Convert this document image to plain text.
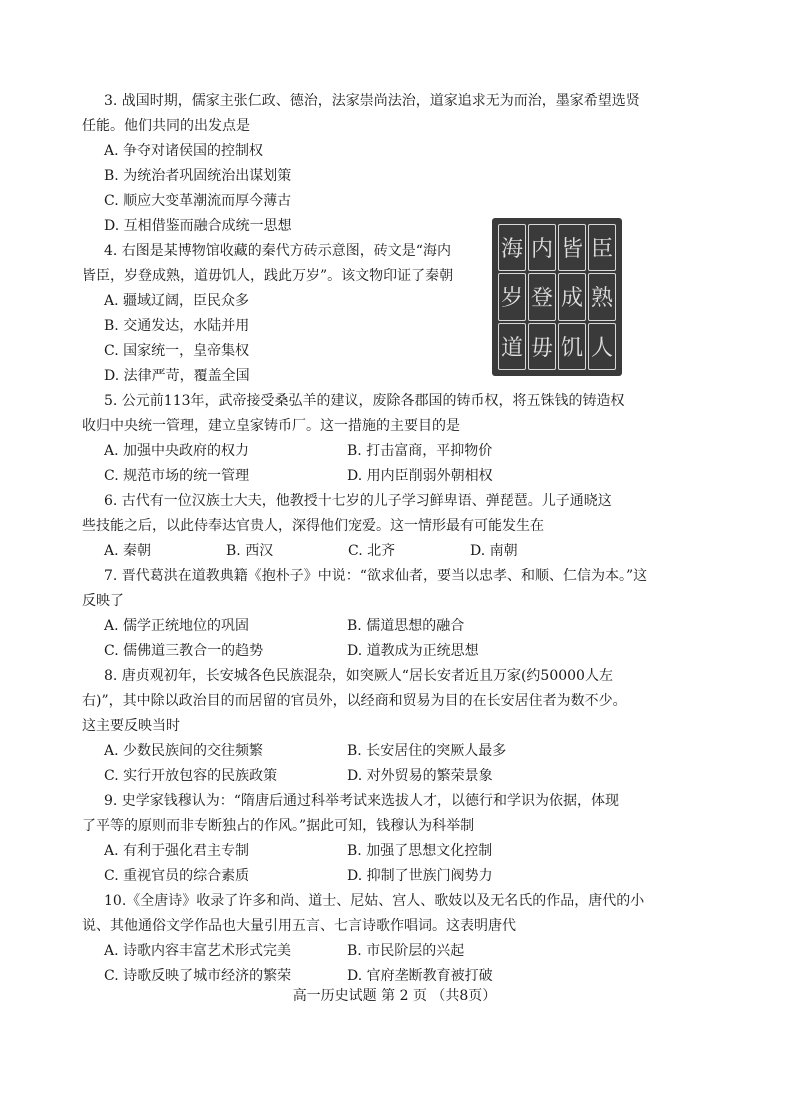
3. 战国时期，儒家主张仁政、德治，法家崇尚法治，道家追求无为而治，墨家希望选贤
任能。他们共同的出发点是

A. 争夺对诸侯国的控制权

B. 为统治者巩固统治出谋划策

C. 顺应大变革潮流而厚今薄古

D. 互相借鉴而融合成统一思想

4. 右图是某博物馆收藏的秦代方砖示意图，砖文是“海内
皆臣，岁登成熟，道毋饥人，践此万岁”。该文物印证了秦朝

A. 疆域辽阔，臣民众多

B. 交通发达，水陆并用

C. 国家统一，皇帝集权

D. 法律严苛，覆盖全国

5. 公元前113年，武帝接受桑弘羊的建议，废除各郡国的铸币权，将五铢钱的铸造权
收归中央统一管理，建立皇家铸币厂。这一措施的主要目的是

A. 加强中央政府的权力	B. 打击富商，平抑物价
C. 规范市场的统一管理	D. 用内臣削弱外朝相权

6. 古代有一位汉族士大夫，他教授十七岁的儿子学习鲜卑语、弹琵琶。儿子通晓这
些技能之后，以此侍奉达官贵人，深得他们宠爱。这一情形最有可能发生在

A. 秦朝	B. 西汉	C. 北齐	D. 南朝

7. 晋代葛洪在道教典籍《抱朴子》中说：“欲求仙者，要当以忠孝、和顺、仁信为本。”这
反映了

A. 儒学正统地位的巩固	B. 儒道思想的融合
C. 儒佛道三教合一的趋势	D. 道教成为正统思想

8. 唐贞观初年，长安城各色民族混杂，如突厥人“居长安者近且万家(约50000人左
右)”，其中除以政治目的而居留的官员外，以经商和贸易为目的在长安居住者为数不少。
这主要反映当时

A. 少数民族间的交往频繁	B. 长安居住的突厥人最多
C. 实行开放包容的民族政策	D. 对外贸易的繁荣景象

9. 史学家钱穆认为：“隋唐后通过科举考试来选拔人才，以德行和学识为依据，体现
了平等的原则而非专断独占的作风。”据此可知，钱穆认为科举制

A. 有利于强化君主专制	B. 加强了思想文化控制
C. 重视官员的综合素质	D. 抑制了世族门阀势力

10.《全唐诗》收录了许多和尚、道士、尼姑、宫人、歌妓以及无名氏的作品，唐代的小
说、其他通俗文学作品也大量引用五言、七言诗歌作唱词。这表明唐代

A. 诗歌内容丰富艺术形式完美	B. 市民阶层的兴起
C. 诗歌反映了城市经济的繁荣	D. 官府垄断教育被打破
海 内 皆 臣
岁 登 成 熟
道 毋 饥 人
高一历史试题 第 2 页 （共8页）
